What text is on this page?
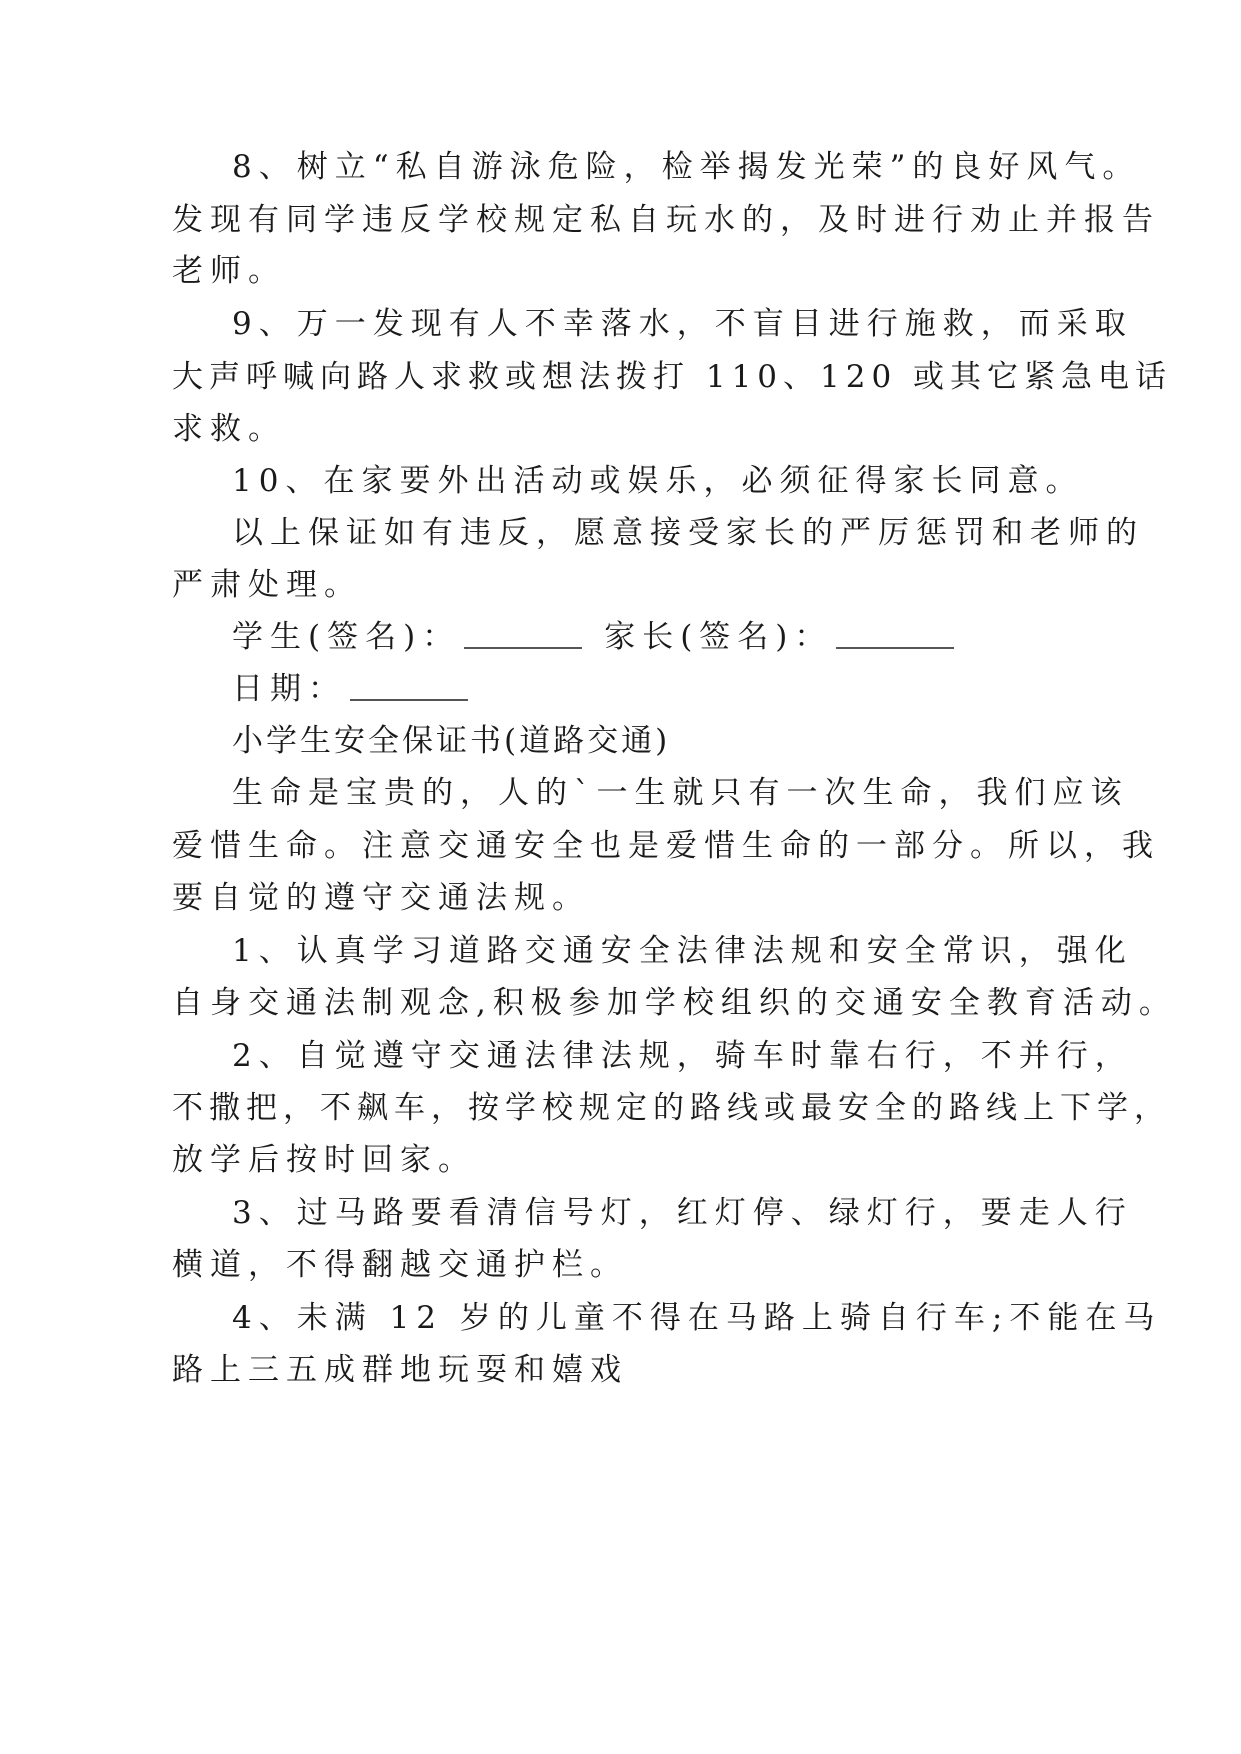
8、树立“私自游泳危险，检举揭发光荣”的良好风气。

发现有同学违反学校规定私自玩水的，及时进行劝止并报告

老师。

9、万一发现有人不幸落水，不盲目进行施救，而采取

大声呼喊向路人求救或想法拨打 110、120 或其它紧急电话

求救。

10、在家要外出活动或娱乐，必须征得家长同意。

以上保证如有违反，愿意接受家长的严厉惩罚和老师的

严肃处理。

学生(签名)：	家长(签名)：

日期：

小学生安全保证书(道路交通)

生命是宝贵的，人的`一生就只有一次生命，我们应该

爱惜生命。注意交通安全也是爱惜生命的一部分。所以，我

要自觉的遵守交通法规。

1、认真学习道路交通安全法律法规和安全常识，强化

自身交通法制观念,积极参加学校组织的交通安全教育活动。

2、自觉遵守交通法律法规，骑车时靠右行，不并行，

不撒把，不飙车，按学校规定的路线或最安全的路线上下学，

放学后按时回家。

3、过马路要看清信号灯，红灯停、绿灯行，要走人行

横道，不得翻越交通护栏。

4、未满 12 岁的儿童不得在马路上骑自行车;不能在马

路上三五成群地玩耍和嬉戏
